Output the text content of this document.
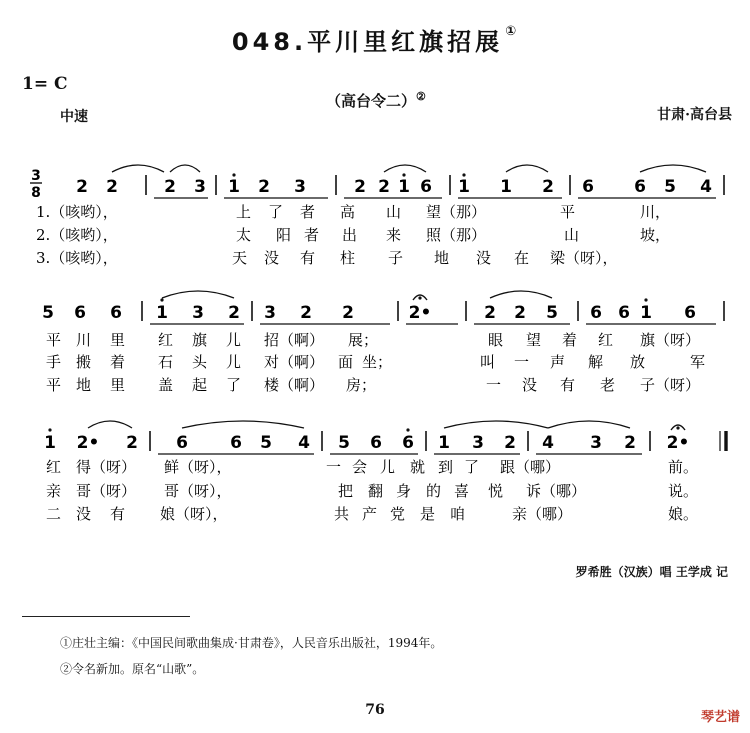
048.平川里红旗招展 ①
1= C
中速
（高台令二）②
甘肃·高台县
3
8 2 2	2 3 1 2 3	2 2 1 6 1 1 2 6 6 5 4
1.（咳哟），	上 了 者 高 山 望（那）	平	川，
2.（咳哟），	太 阳 者 出 来 照（那）	山	坡，
3.（咳哟），	天 没 有 柱 子 地 没 在 梁（呀），
5 6 6 1 3 2 3 2 2	2•	2 2 5 6 6 1 6
平 川 里 红 旗 儿 招（啊） 展；	眼 望 着 红 旗（呀）
手 搬 着 石 头 儿 对（啊） 面 坐；	叫 一 声 解 放	军
平 地 里 盖 起 了 楼（啊） 房；	一 没 有 老 子（呀）
1 2• 2 6 6 5 4 5 6 6 1 3 2 4 3 2 2•
红 得（呀） 鲜（呀），	一 会 儿 就 到 了 跟（哪）	前。
亲 哥（呀） 哥（呀），	把 翻 身 的 喜 悦 诉（哪）	说。
二 没 有 娘（呀），	共 产 党 是 咱	亲（哪）	娘。
罗希胜（汉族）唱 王学成 记
①庄壮主编：《中国民间歌曲集成·甘肃卷》，人民音乐出版社，1994年。
②令名新加。原名“山歌”。
76	琴艺谱
